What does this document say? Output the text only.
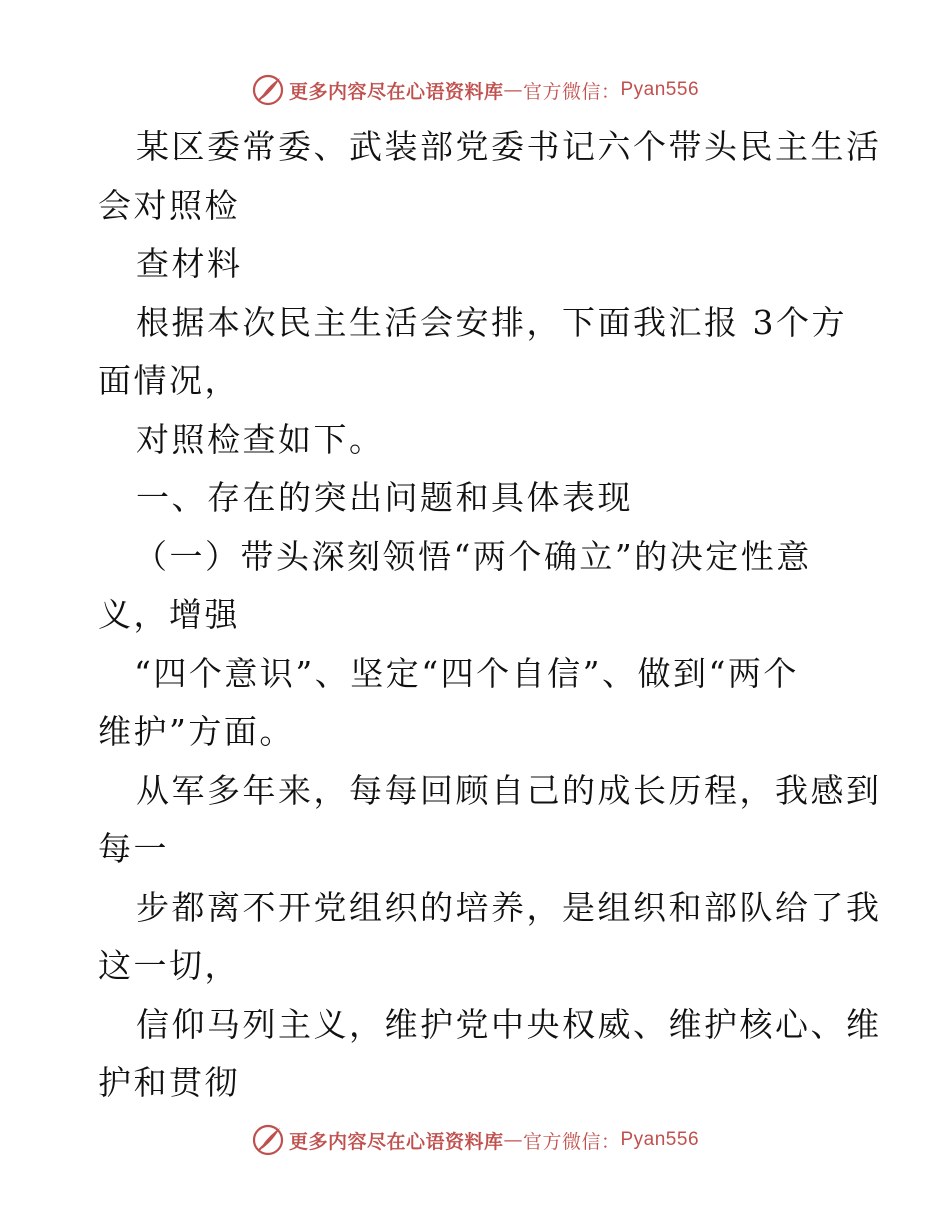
更多内容尽在心语资料库 — 官方微信： Pyan556
某区委常委、武装部党委书记六个带头民主生活
会对照检
查材料
根据本次民主生活会安排，下面我汇报 3个方
面情况，
对照检查如下。
一、存在的突出问题和具体表现
（一）带头深刻领悟“两个确立”的决定性意
义，增强
“四个意识”、坚定“四个自信”、做到“两个
维护”方面。
从军多年来，每每回顾自己的成长历程，我感到
每一
步都离不开党组织的培养，是组织和部队给了我
这一切，
信仰马列主义，维护党中央权威、维护核心、维
护和贯彻
更多内容尽在心语资料库 — 官方微信： Pyan556
